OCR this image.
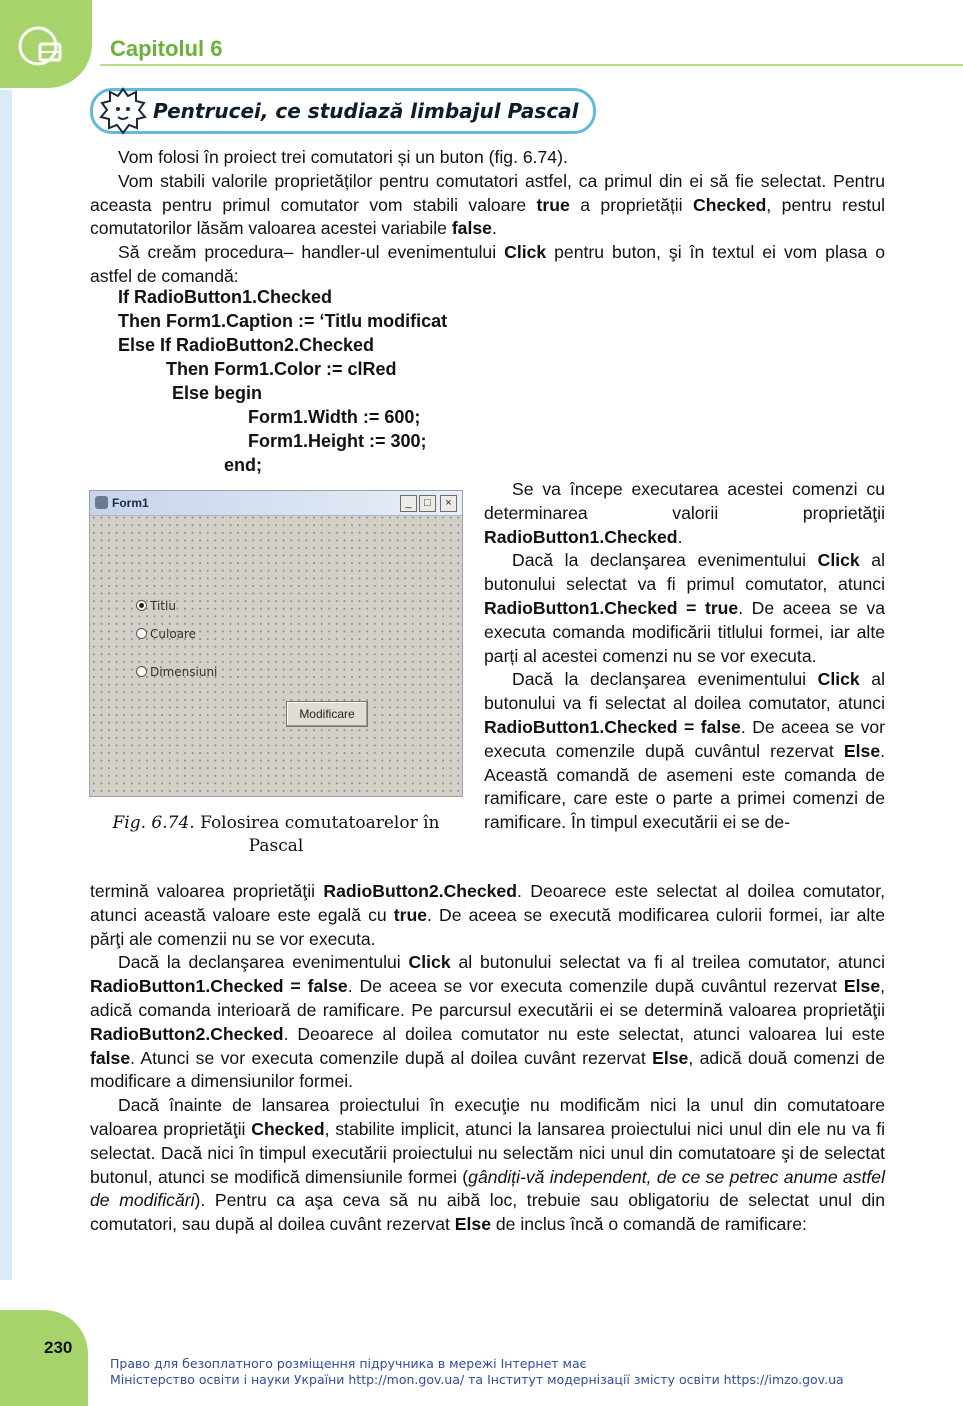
Capitolul 6
Pentrucei, ce studiază limbajul Pascal

Vom folosi în proiect trei comutatori și un buton (fig. 6.74).

Vom stabili valorile proprietăților pentru comutatori astfel, ca primul din ei să fie selectat. Pentru aceasta pentru primul comutator vom stabili valoare true a proprietății Checked, pentru restul comutatorilor lăsăm valoarea acestei variabile false.

Să creăm procedura– handler-ul evenimentului Click pentru buton, şi în textul ei vom plasa o astfel de comandă:

If RadioButton1.Checked
Then Form1.Caption := ‘Titlu modificat
Else If RadioButton2.Checked
Then Form1.Color := clRed
Else begin
Form1.Width := 600;
Form1.Height := 300;
end;
Form1	_	□	×
Titlu
Culoare
Dimensiuni
Modificare
Fig. 6.74. Folosirea comutatoarelor în Pascal

Se va începe executarea acestei comenzi cu determinarea valorii proprietăţii RadioButton1.Checked.

Dacă la declanşarea evenimentului Click al butonului selectat va fi primul comutator, atunci RadioButton1.Checked = true. De aceea se va executa comanda modificării titlului formei, iar alte parți al acestei comenzi nu se vor executa.

Dacă la declanşarea evenimentului Click al butonului va fi selectat al doilea comutator, atunci RadioButton1.Checked = false. De aceea se vor executa comenzile după cuvântul rezervat Else. Această comandă de asemeni este comanda de ramificare, care este o parte a primei comenzi de ramificare. În timpul executării ei se de-

termină valoarea proprietăţii RadioButton2.Checked. Deoarece este selectat al doilea comutator, atunci această valoare este egală cu true. De aceea se execută modificarea culorii formei, iar alte părţi ale comenzii nu se vor executa.

Dacă la declanşarea evenimentului Click al butonului selectat va fi al treilea comutator, atunci RadioButton1.Checked = false. De aceea se vor executa comenzile după cuvântul rezervat Else, adică comanda interioară de ramificare. Pe parcursul executării ei se determină valoarea proprietăţii RadioButton2.Checked. Deoarece al doilea comutator nu este selectat, atunci valoarea lui este false. Atunci se vor executa comenzile după al doilea cuvânt rezervat Else, adică două comenzi de modificare a dimensiunilor formei.

Dacă înainte de lansarea proiectului în execuţie nu modificăm nici la unul din comutatoare valoarea proprietăţii Checked, stabilite implicit, atunci la lansarea proiectului nici unul din ele nu va fi selectat. Dacă nici în timpul executării proiectului nu selectăm nici unul din comutatoare şi de selectat butonul, atunci se modifică dimensiunile formei (gândiți-vă independent, de ce se petrec anume astfel de modificări). Pentru ca aşa ceva să nu aibă loc, trebuie sau obligatoriu de selectat unul din comutatori, sau după al doilea cuvânt rezervat Else de inclus încă o comandă de ramificare:

230
Право для безоплатного розміщення підручника в мережі Інтернет має
Міністерство освіти і науки України http://mon.gov.ua/ та Інститут модернізації змісту освіти https://imzo.gov.ua
